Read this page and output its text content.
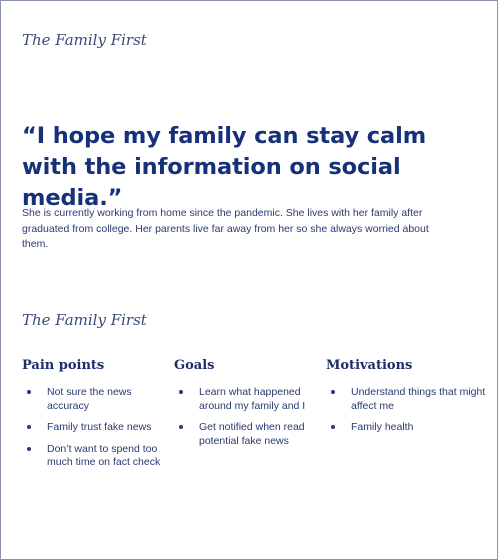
The Family First

“I hope my family can stay calm with the information on social media.”

She is currently working from home since the pandemic. She lives with her family after graduated from college. Her parents live far away from her so she always worried about them.

The Family First
Pain points
Not sure the news accuracy
Family trust fake news
Don’t want to spend too much time on fact check
Goals
Learn what happened around my family and I
Get notified when read potential fake news
Motivations
Understand things that might affect me
Family health
